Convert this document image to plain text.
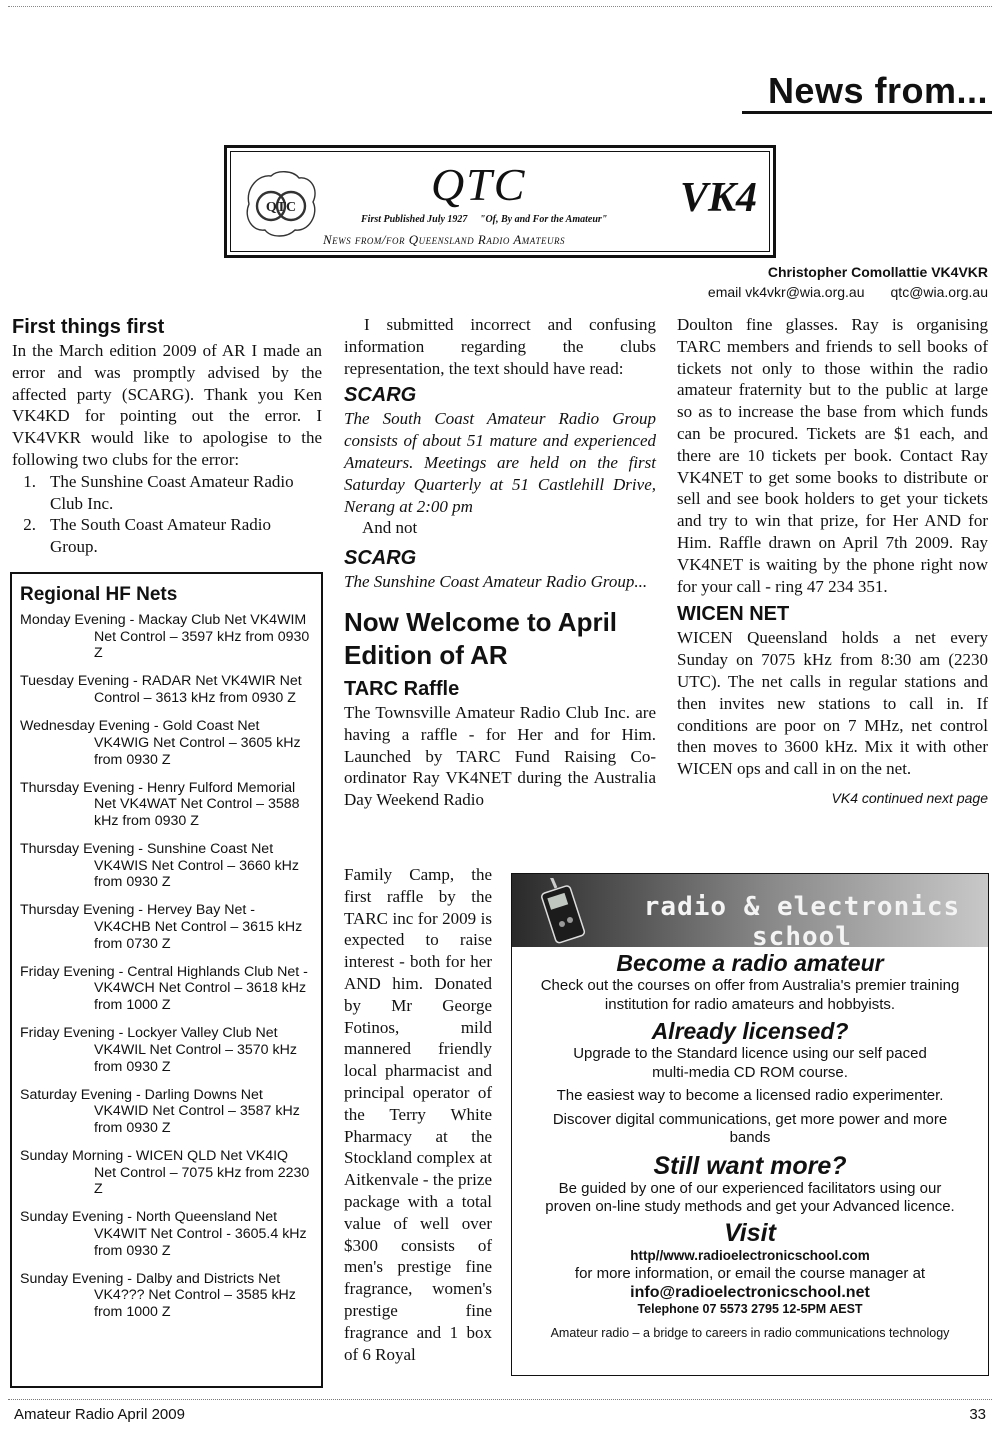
News from...
QTC	QTC
First Published July 1927 "Of, By and For the Amateur"
News from/for Queensland Radio Amateurs
VK4
Christopher Comollattie VK4VKR
email vk4vkr@wia.org.au qtc@wia.org.au
First things first

In the March edition 2009 of AR I made an error and was promptly advised by the affected party (SCARG). Thank you Ken VK4KD for pointing out the error. I VK4VKR would like to apologise to the following two clubs for the error:

1. The Sunshine Coast Amateur Radio Club Inc.
2. The South Coast Amateur Radio Group.
Regional HF Nets
Monday Evening - Mackay Club Net VK4WIM Net Control – 3597 kHz from 0930 Z
Tuesday Evening - RADAR Net VK4WIR Net Control – 3613 kHz from 0930 Z
Wednesday Evening - Gold Coast Net VK4WIG Net Control – 3605 kHz from 0930 Z
Thursday Evening - Henry Fulford Memorial Net VK4WAT Net Control – 3588 kHz from 0930 Z
Thursday Evening - Sunshine Coast Net VK4WIS Net Control – 3660 kHz from 0930 Z
Thursday Evening - Hervey Bay Net - VK4CHB Net Control – 3615 kHz from 0730 Z
Friday Evening - Central Highlands Club Net - VK4WCH Net Control – 3618 kHz from 1000 Z
Friday Evening - Lockyer Valley Club Net VK4WIL Net Control – 3570 kHz from 0930 Z
Saturday Evening - Darling Downs Net VK4WID Net Control – 3587 kHz from 0930 Z
Sunday Morning - WICEN QLD Net VK4IQ Net Control – 7075 kHz from 2230 Z
Sunday Evening - North Queensland Net VK4WIT Net Control - 3605.4 kHz from 0930 Z
Sunday Evening - Dalby and Districts Net VK4??? Net Control – 3585 kHz from 1000 Z

I submitted incorrect and confusing information regarding the clubs representation, the text should have read:

SCARG

The South Coast Amateur Radio Group consists of about 51 mature and experienced Amateurs. Meetings are held on the first Saturday Quarterly at 51 Castlehill Drive, Nerang at 2:00 pm

And not

SCARG

The Sunshine Coast Amateur Radio Group...

Now Welcome to April Edition of AR
TARC Raffle

The Townsville Amateur Radio Club Inc. are having a raffle - for Her and for Him. Launched by TARC Fund Raising Co-ordinator Ray VK4NET during the Australia Day Weekend Radio

Family Camp, the first raffle by the TARC inc for 2009 is expected to raise interest - both for her AND him. Donated by Mr George Fotinos, mild mannered friendly local pharmacist and principal operator of the Terry White Pharmacy at the Stockland complex at Aitkenvale - the prize package with a total value of well over $300 consists of men's prestige fine fragrance, women's prestige fine fragrance and 1 box of 6 Royal

Doulton fine glasses. Ray is organising TARC members and friends to sell books of tickets not only to those within the radio amateur fraternity but to the public at large so as to increase the base from which funds can be procured. Tickets are $1 each, and there are 10 tickets per book. Contact Ray VK4NET to get some books to distribute or sell and see book holders to get your tickets and try to win that prize, for Her AND for Him. Raffle drawn on April 7th 2009. Ray VK4NET is waiting by the phone right now for your call - ring 47 234 351.

WICEN NET

WICEN Queensland holds a net every Sunday on 7075 kHz from 8:30 am (2230 UTC). The net calls in regular stations and then invites new stations to call in. If conditions are poor on 7 MHz, net control then moves to 3600 kHz. Mix it with other WICEN ops and call in on the net.

VK4 continued next page
radio & electronics school
Become a radio amateur
Check out the courses on offer from Australia's premier training institution for radio amateurs and hobbyists.
Already licensed?
Upgrade to the Standard licence using our self paced multi-media CD ROM course.
The easiest way to become a licensed radio experimenter.
Discover digital communications, get more power and more bands
Still want more?
Be guided by one of our experienced facilitators using our proven on-line study methods and get your Advanced licence.
Visit
http//www.radioelectronicschool.com
for more information, or email the course manager at
info@radioelectronicschool.net
Telephone 07 5573 2795 12-5PM AEST
Amateur radio – a bridge to careers in radio communications technology
Amateur Radio April 2009	33
